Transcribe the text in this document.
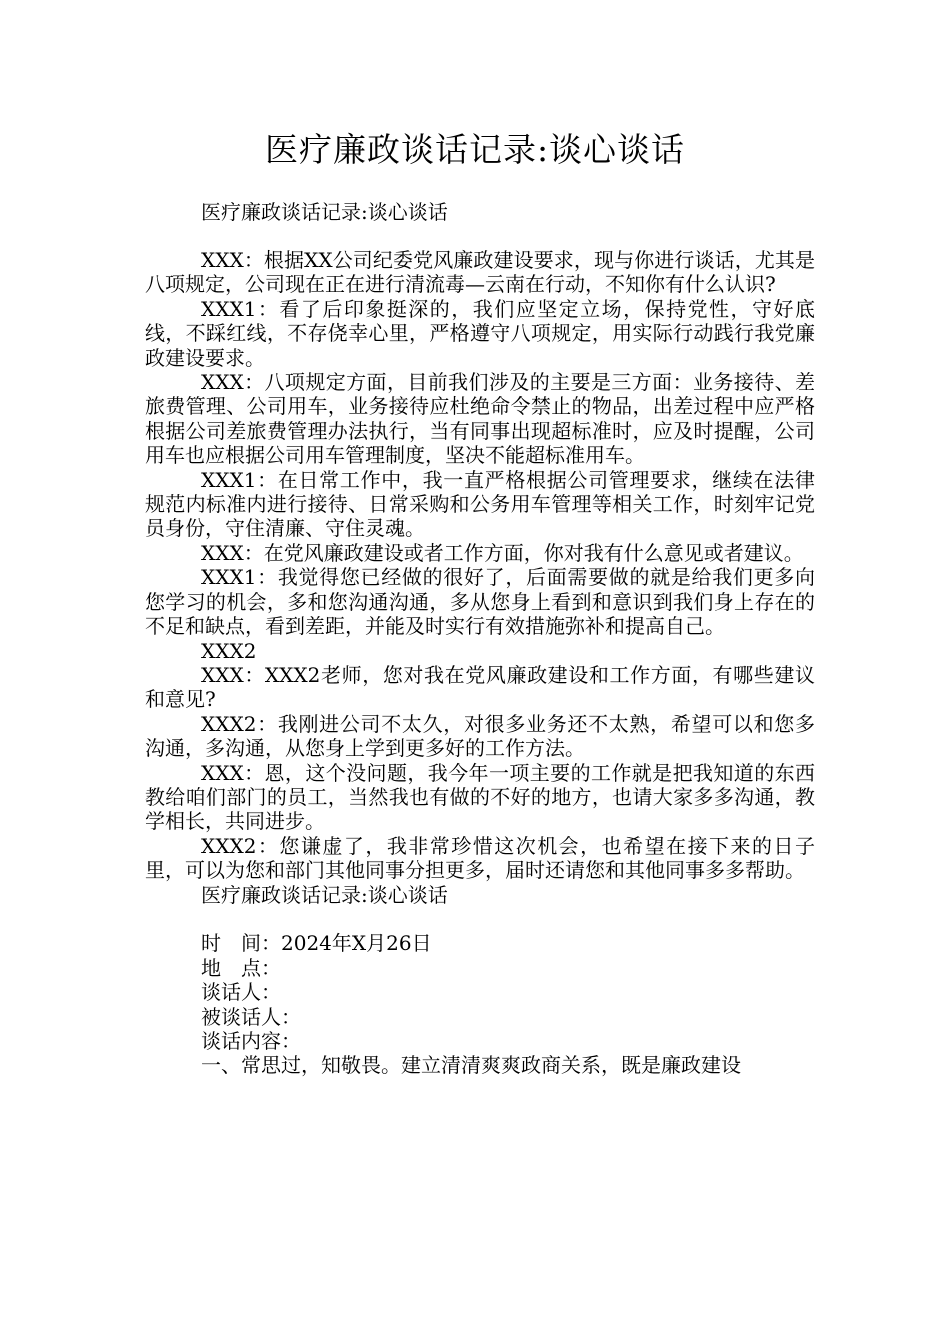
医疗廉政谈话记录:谈心谈话
医疗廉政谈话记录:谈心谈话

XXX：根据XX公司纪委党风廉政建设要求，现与你进行谈话，尤其是八项规定，公司现在正在进行清流毒—云南在行动，不知你有什么认识?

XXX1：看了后印象挺深的，我们应坚定立场，保持党性，守好底线，不踩红线，不存侥幸心里，严格遵守八项规定，用实际行动践行我党廉政建设要求。

XXX：八项规定方面，目前我们涉及的主要是三方面：业务接待、差旅费管理、公司用车，业务接待应杜绝命令禁止的物品，出差过程中应严格根据公司差旅费管理办法执行，当有同事出现超标准时，应及时提醒，公司用车也应根据公司用车管理制度，坚决不能超标准用车。

XXX1：在日常工作中，我一直严格根据公司管理要求，继续在法律规范内标准内进行接待、日常采购和公务用车管理等相关工作，时刻牢记党员身份，守住清廉、守住灵魂。

XXX：在党风廉政建设或者工作方面，你对我有什么意见或者建议。

XXX1：我觉得您已经做的很好了，后面需要做的就是给我们更多向您学习的机会，多和您沟通沟通，多从您身上看到和意识到我们身上存在的不足和缺点，看到差距，并能及时实行有效措施弥补和提高自己。

XXX2

XXX：XXX2老师，您对我在党风廉政建设和工作方面，有哪些建议和意见?

XXX2：我刚进公司不太久，对很多业务还不太熟，希望可以和您多沟通，多沟通，从您身上学到更多好的工作方法。

XXX：恩，这个没问题，我今年一项主要的工作就是把我知道的东西教给咱们部门的员工，当然我也有做的不好的地方，也请大家多多沟通，教学相长，共同进步。

XXX2：您谦虚了，我非常珍惜这次机会，也希望在接下来的日子里，可以为您和部门其他同事分担更多，届时还请您和其他同事多多帮助。

医疗廉政谈话记录:谈心谈话

时　间：2024年X月26日

地　点：

谈话人：

被谈话人：

谈话内容：

一、常思过，知敬畏。建立清清爽爽政商关系，既是廉政建设
